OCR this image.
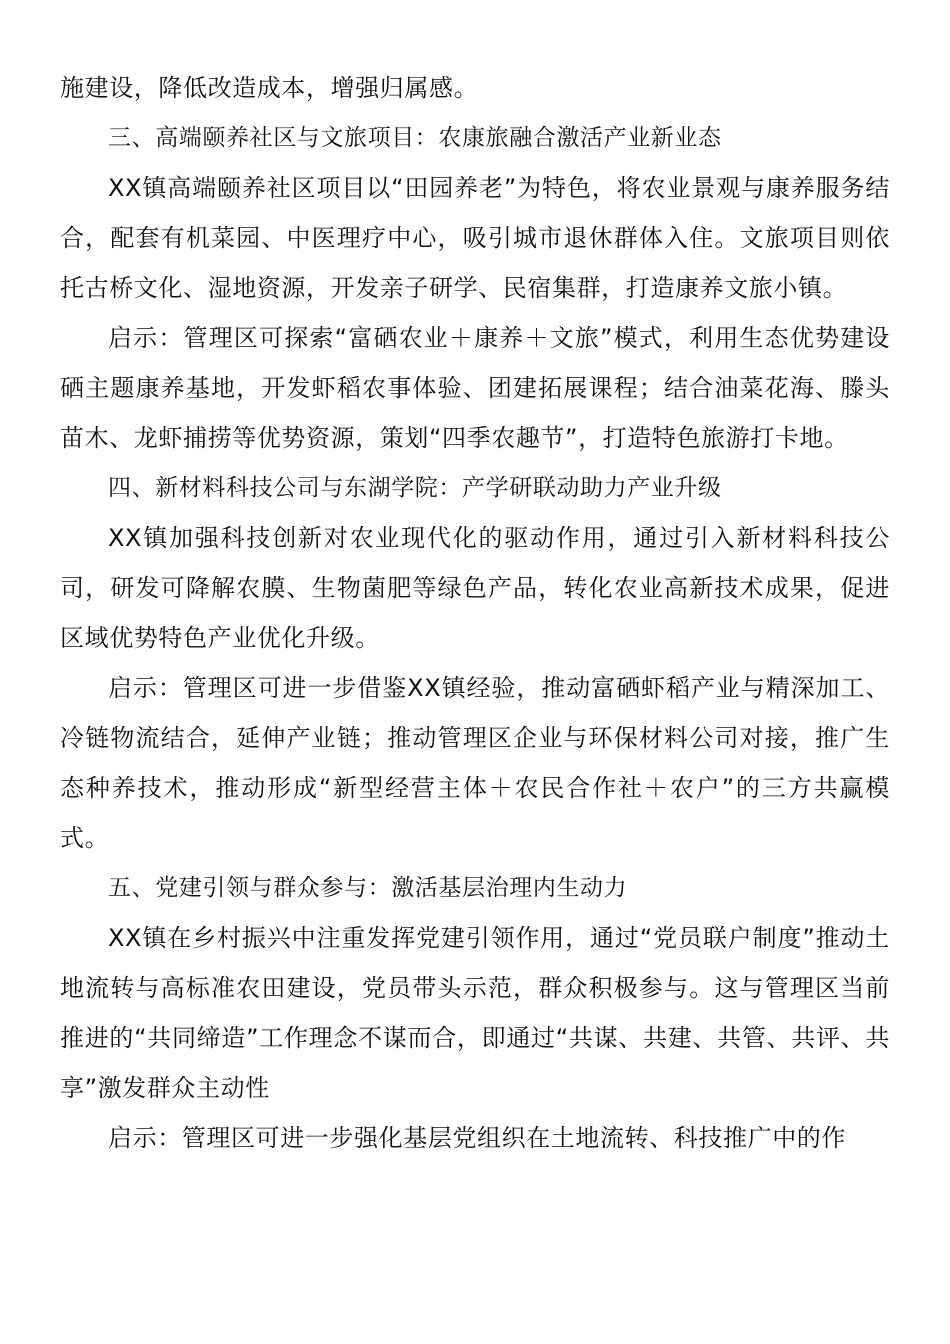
施建设，降低改造成本，增强归属感。

三、高端颐养社区与文旅项目：农康旅融合激活产业新业态

XX镇高端颐养社区项目以“田园养老”为特色，将农业景观与康养服务结合，配套有机菜园、中医理疗中心，吸引城市退休群体入住。文旅项目则依托古桥文化、湿地资源，开发亲子研学、民宿集群，打造康养文旅小镇。

启示：管理区可探索“富硒农业＋康养＋文旅”模式，利用生态优势建设硒主题康养基地，开发虾稻农事体验、团建拓展课程；结合油菜花海、滕头苗木、龙虾捕捞等优势资源，策划“四季农趣节”，打造特色旅游打卡地。

四、新材料科技公司与东湖学院：产学研联动助力产业升级

XX镇加强科技创新对农业现代化的驱动作用，通过引入新材料科技公司，研发可降解农膜、生物菌肥等绿色产品，转化农业高新技术成果，促进区域优势特色产业优化升级。

启示：管理区可进一步借鉴XX镇经验，推动富硒虾稻产业与精深加工、冷链物流结合，延伸产业链；推动管理区企业与环保材料公司对接，推广生态种养技术，推动形成“新型经营主体＋农民合作社＋农户”的三方共赢模式。

五、党建引领与群众参与：激活基层治理内生动力

XX镇在乡村振兴中注重发挥党建引领作用，通过“党员联户制度”推动土地流转与高标准农田建设，党员带头示范，群众积极参与。这与管理区当前推进的“共同缔造”工作理念不谋而合，即通过“共谋、共建、共管、共评、共享”激发群众主动性

启示：管理区可进一步强化基层党组织在土地流转、科技推广中的作
